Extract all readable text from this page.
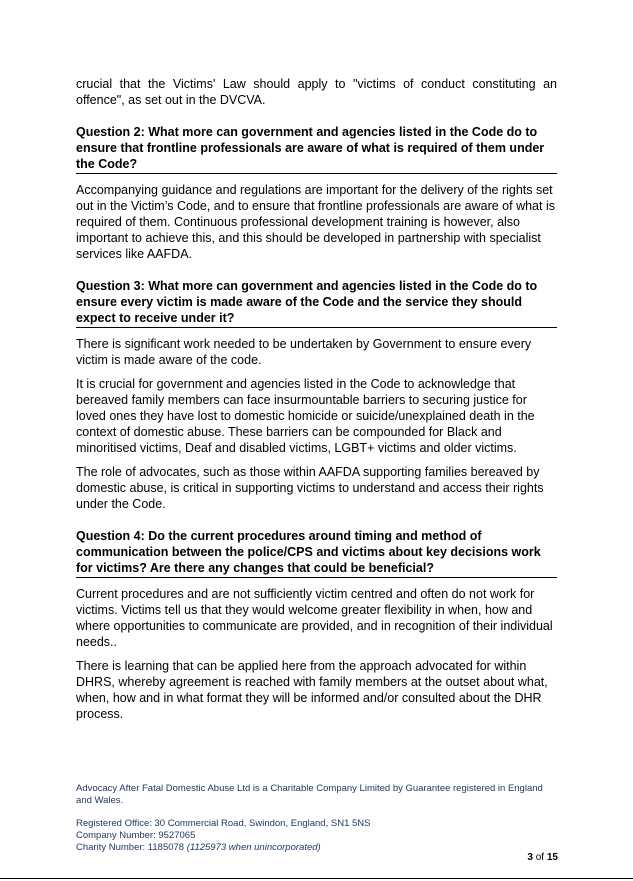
crucial that the Victims' Law should apply to "victims of conduct constituting an offence", as set out in the DVCVA.

Question 2: What more can government and agencies listed in the Code do to ensure that frontline professionals are aware of what is required of them under the Code?

Accompanying guidance and regulations are important for the delivery of the rights set out in the Victim’s Code, and to ensure that frontline professionals are aware of what is required of them. Continuous professional development training is however, also important to achieve this, and this should be developed in partnership with specialist services like AAFDA.

Question 3: What more can government and agencies listed in the Code do to ensure every victim is made aware of the Code and the service they should expect to receive under it?

There is significant work needed to be undertaken by Government to ensure every victim is made aware of the code.

It is crucial for government and agencies listed in the Code to acknowledge that bereaved family members can face insurmountable barriers to securing justice for loved ones they have lost to domestic homicide or suicide/unexplained death in the context of domestic abuse. These barriers can be compounded for Black and minoritised victims, Deaf and disabled victims, LGBT+ victims and older victims.

The role of advocates, such as those within AAFDA supporting families bereaved by domestic abuse, is critical in supporting victims to understand and access their rights under the Code.

Question 4: Do the current procedures around timing and method of communication between the police/CPS and victims about key decisions work for victims? Are there any changes that could be beneficial?

Current procedures and are not sufficiently victim centred and often do not work for victims. Victims tell us that they would welcome greater flexibility in when, how and where opportunities to communicate are provided, and in recognition of their individual needs..

There is learning that can be applied here from the approach advocated for within DHRS, whereby agreement is reached with family members at the outset about what, when, how and in what format they will be informed and/or consulted about the DHR process.

Advocacy After Fatal Domestic Abuse Ltd is a Charitable Company Limited by Guarantee registered in England and Wales.
Registered Office: 30 Commercial Road, Swindon, England, SN1 5NS
Company Number: 9527065
Charity Number: 1185078 (1125973 when unincorporated)
3 of 15
